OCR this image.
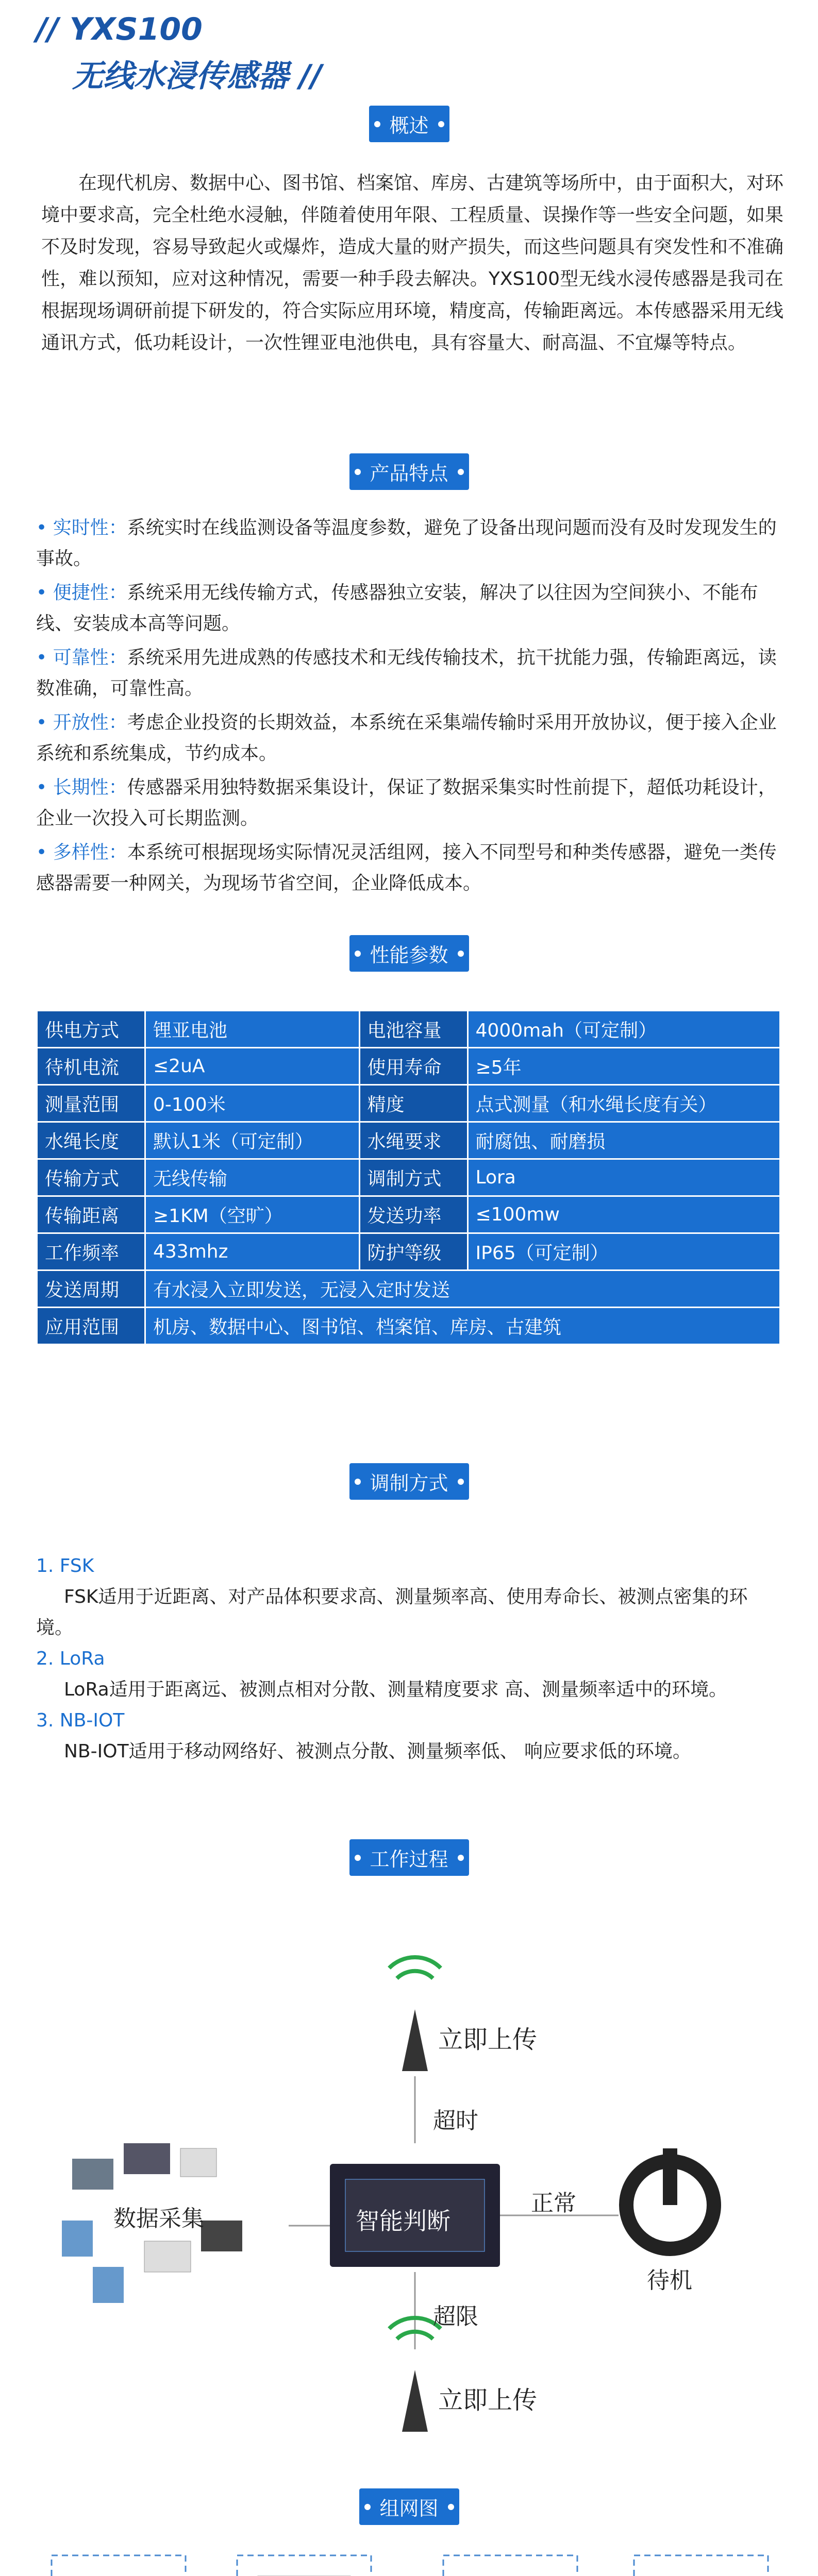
// YXS100
无线水浸传感器 //
概述
在现代机房、数据中心、图书馆、档案馆、库房、古建筑等场所中，由于面积大，对环境中要求高，完全杜绝水浸触，伴随着使用年限、工程质量、误操作等一些安全问题，如果不及时发现，容易导致起火或爆炸，造成大量的财产损失，而这些问题具有突发性和不准确性，难以预知，应对这种情况，需要一种手段去解决。YXS100型无线水浸传感器是我司在根据现场调研前提下研发的，符合实际应用环境，精度高，传输距离远。本传感器采用无线通讯方式，低功耗设计，一次性锂亚电池供电，具有容量大、耐高温、不宜爆等特点。
产品特点
• 实时性：系统实时在线监测设备等温度参数，避免了设备出现问题而没有及时发现发生的事故。
• 便捷性：系统采用无线传输方式，传感器独立安装，解决了以往因为空间狭小、不能布线、安装成本高等问题。
• 可靠性：系统采用先进成熟的传感技术和无线传输技术，抗干扰能力强，传输距离远，读数准确，可靠性高。
• 开放性：考虑企业投资的长期效益，本系统在采集端传输时采用开放协议，便于接入企业系统和系统集成，节约成本。
• 长期性：传感器采用独特数据采集设计，保证了数据采集实时性前提下，超低功耗设计，企业一次投入可长期监测。
• 多样性：本系统可根据现场实际情况灵活组网，接入不同型号和种类传感器，避免一类传感器需要一种网关，为现场节省空间，企业降低成本。
性能参数
供电方式	锂亚电池	电池容量	4000mah（可定制）
待机电流	≤2uA	使用寿命	≥5年
测量范围	0-100米	精度	点式测量（和水绳长度有关）
水绳长度	默认1米（可定制）	水绳要求	耐腐蚀、耐磨损
传输方式	无线传输	调制方式	Lora
传输距离	≥1KM（空旷）	发送功率	≤100mw
工作频率	433mhz	防护等级	IP65（可定制）
发送周期	有水浸入立即发送，无浸入定时发送		
应用范围	机房、数据中心、图书馆、档案馆、库房、古建筑		
调制方式
1. FSK
FSK适用于近距离、对产品体积要求高、测量频率高、使用寿命长、被测点密集的环境。
2. LoRa
LoRa适用于距离远、被测点相对分散、测量精度要求 高、测量频率适中的环境。
3. NB-IOT
NB-IOT适用于移动网络好、被测点分散、测量频率低、 响应要求低的环境。
工作过程
立即上传
超时
数据采集	智能判断
正常
待机
超限
立即上传
组网图
